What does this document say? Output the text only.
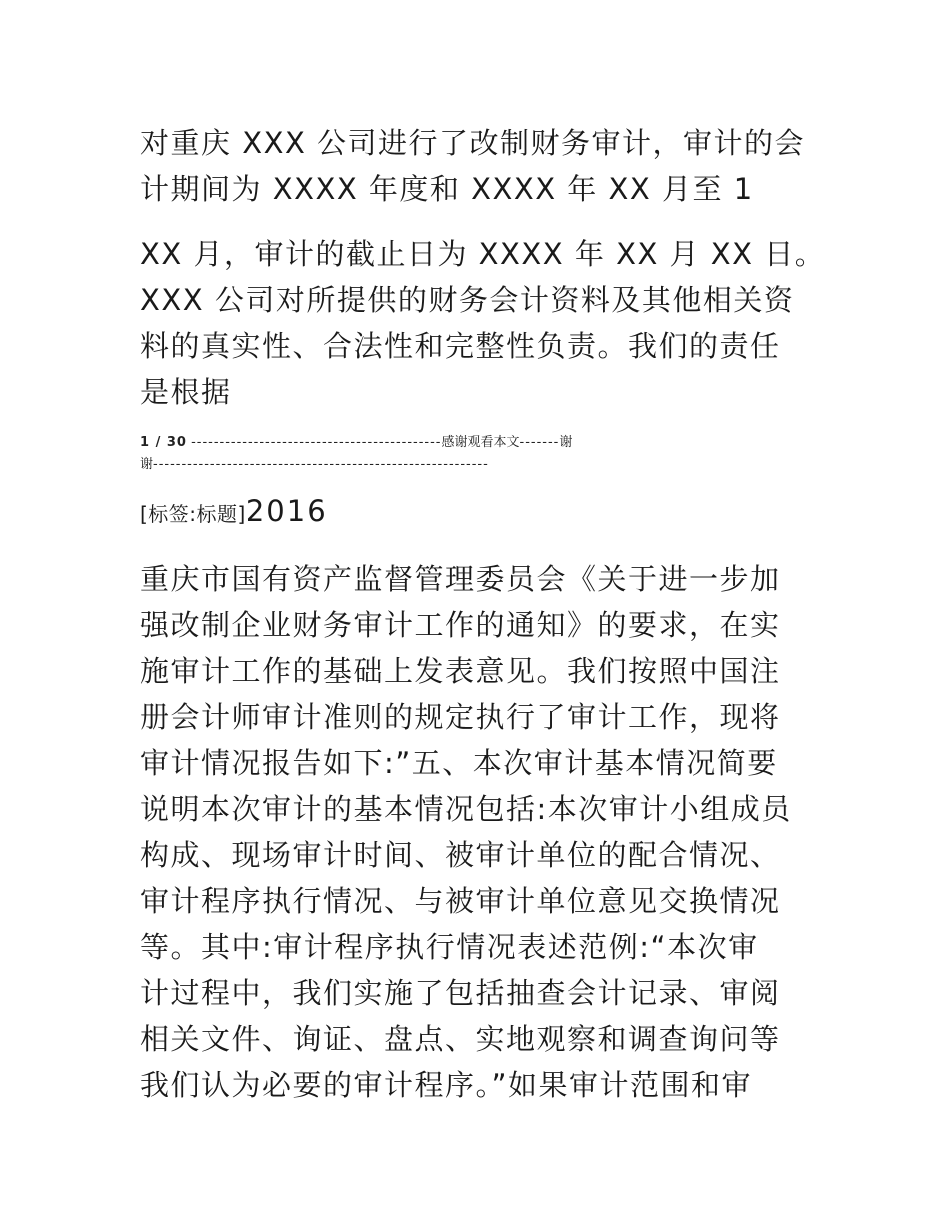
对重庆 XXX 公司进行了改制财务审计，审计的会
计期间为 XXXX 年度和 XXXX 年 XX 月至 1
XX 月，审计的截止日为 XXXX 年 XX 月 XX 日。
XXX 公司对所提供的财务会计资料及其他相关资
料的真实性、合法性和完整性负责。我们的责任
是根据
1 / 30 --------------------------------------------感谢观看本文-------谢
谢-----------------------------------------------------------
[标签:标题]2016
重庆市国有资产监督管理委员会《关于进一步加
强改制企业财务审计工作的通知》的要求，在实
施审计工作的基础上发表意见。我们按照中国注
册会计师审计准则的规定执行了审计工作，现将
审计情况报告如下:”五、本次审计基本情况简要
说明本次审计的基本情况包括:本次审计小组成员
构成、现场审计时间、被审计单位的配合情况、
审计程序执行情况、与被审计单位意见交换情况
等。其中:审计程序执行情况表述范例:“本次审
计过程中，我们实施了包括抽查会计记录、审阅
相关文件、询证、盘点、实地观察和调查询问等
我们认为必要的审计程序。”如果审计范围和审
